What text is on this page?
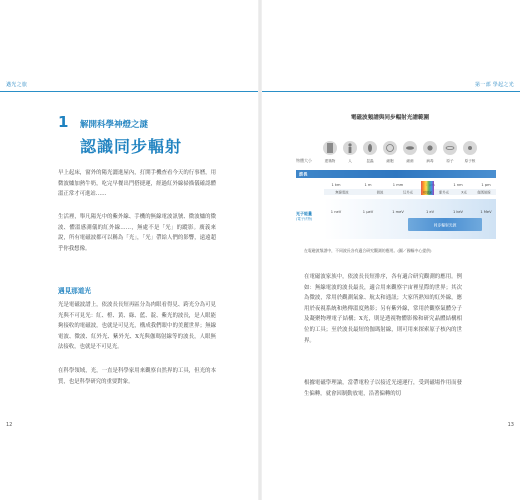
邁光之旅
1 解開科學神燈之謎
認識同步輻射
早上起床，窗外的陽光灑進屋內，打開手機查看今天的行事曆，用微波爐加熱牛奶，吃完早餐出門搭捷運，經過紅外線掃描儀確認體溫正常才可進站……
生活裡，舉凡陽光中的紫外線、手機的無線電波訊號、微波爐的微波、體溫感測儀的紅外線……，無處不是「光」的蹤影。廣義來說，所有電磁波都可以稱為「光」，「光」帶給人們的影響，遠遠超乎你我想像。
遇見那道光
光是電磁波譜上，依波長長短再區分為肉眼看得見、跨光分為可見光與不可見光：紅、橙、黃、綠、藍、靛、紫光的波長，是人眼能夠接收的電磁波，也就是可見光，構成我們眼中的美麗世界；無線電波、微波、紅外光、紫外光、X光與伽瑪射線等的波長，人眼無法接收，也就是不可見光。
在科學領域，光，一直是科學家用來觀察自然界的工具，但光的本質，也是科學研究的重要對象。
12
第一部 學起之光
電磁波頻譜與同步輻射光譜範圍
物體大小	建築物	人	昆蟲	細胞	細菌	病毒	原子	原子核
波長
1 km	1 m	1 mm	1 nm	1 pm
無線電波	微波	紅外光	可見光 紫外光	X光	伽瑪射線
光子能量
(電子伏特)
1 neV	1 μeV	1 meV	1 eV	1 keV	1 MeV
同步輻射光源
在電磁波頻譜中，不同波長各有適合研究觀測的應用。(圖／國輻中心提供)
在電磁波家族中，依波長長短排序，各有適合研究觀測的應用。例如：無線電波的波長最長，適合用來觀察宇宙裡星際的世界；其次為微波，常用於觀測氣象、航太和通訊；大家所熟知的紅外線，應用於夜視系統和熱傳溫度熱影；另有紫外線，常用於觀察氣體分子及凝聚物理電子結構；X光，則是透視物體影像和研究晶體結構相位的工具；至於波長最短的伽瑪射線，則可用來探索原子核內的世界。
根據電磁學理論，當帶電粒子以接近光速運行，受到磁場作用而發生偏轉，就會因制動放電，沿著偏轉的切
13
